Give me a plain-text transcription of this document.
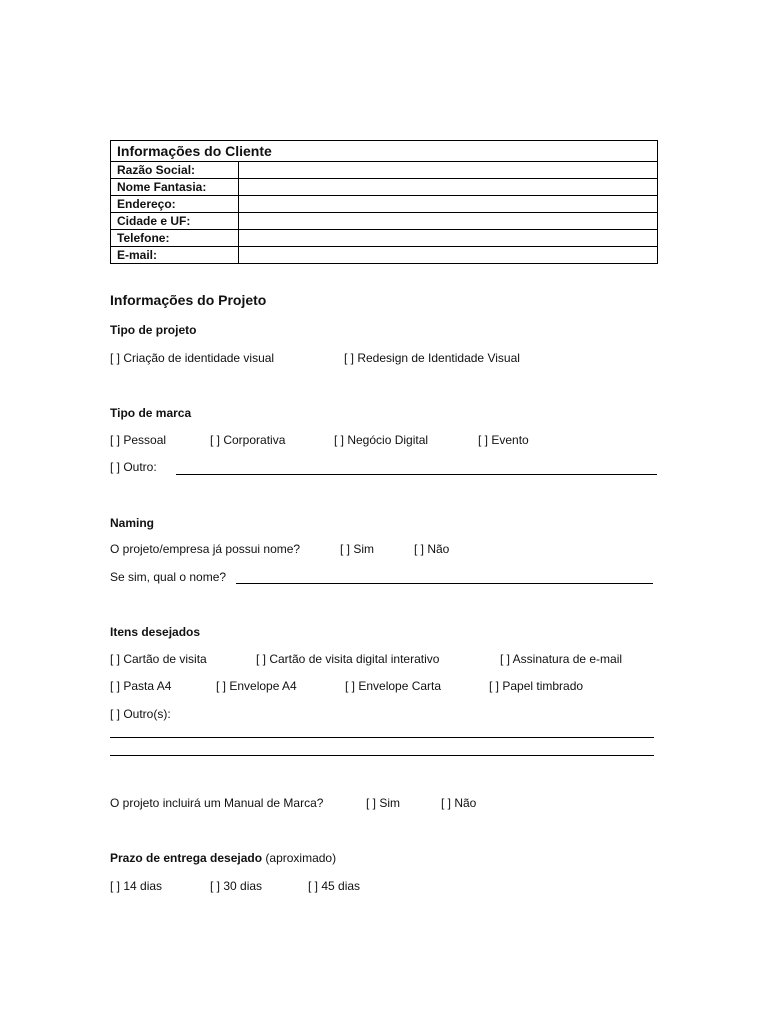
Informações do Cliente	
Razão Social:	
Nome Fantasia:	
Endereço:	
Cidade e UF:	
Telefone:	
E-mail:	
Informações do Projeto
Tipo de projeto
[ ] Criação de identidade visual	[ ] Redesign de Identidade Visual
Tipo de marca
[ ] Pessoal	[ ] Corporativa	[ ] Negócio Digital	[ ] Evento
[ ] Outro:
Naming
O projeto/empresa já possui nome?	[ ] Sim	[ ] Não
Se sim, qual o nome?
Itens desejados
[ ] Cartão de visita	[ ] Cartão de visita digital interativo	[ ] Assinatura de e-mail
[ ] Pasta A4	[ ] Envelope A4	[ ] Envelope Carta	[ ] Papel timbrado
[ ] Outro(s):
O projeto incluirá um Manual de Marca?	[ ] Sim	[ ] Não
Prazo de entrega desejado (aproximado)
[ ] 14 dias	[ ] 30 dias	[ ] 45 dias
